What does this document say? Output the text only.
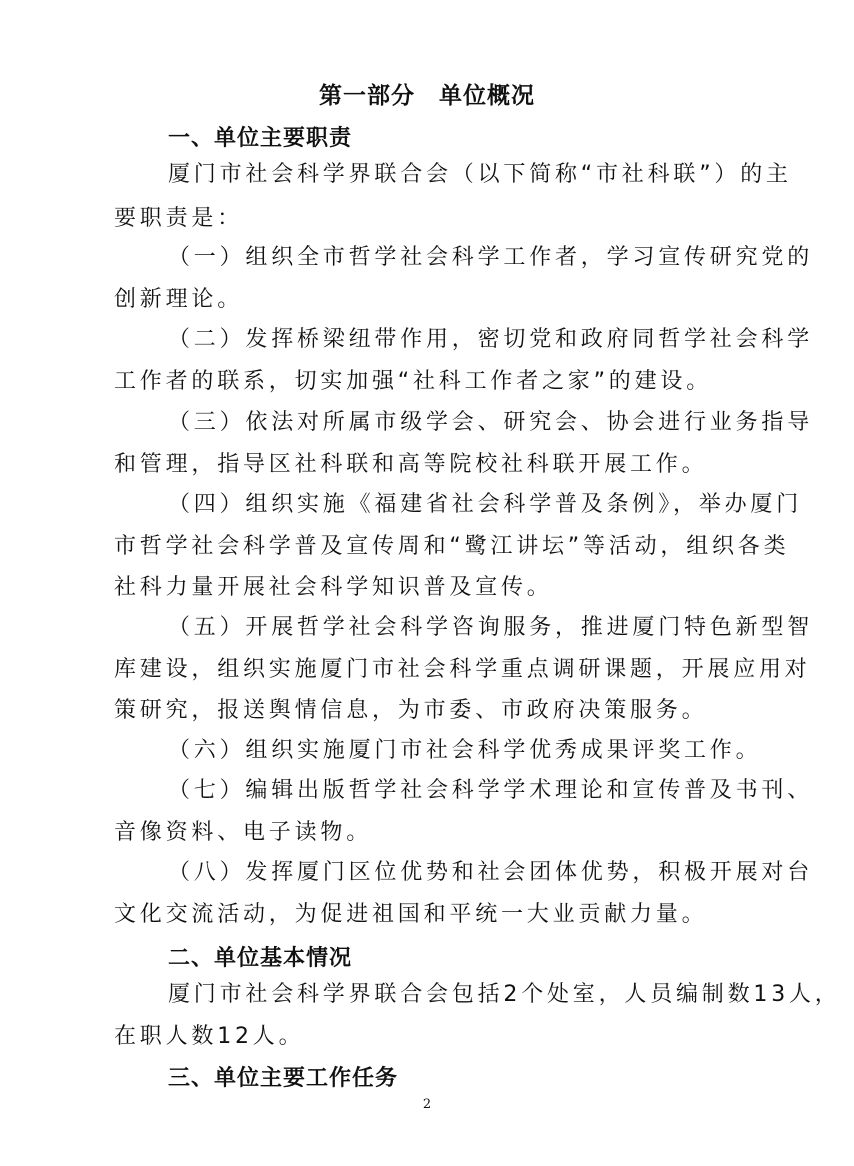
第一部分　单位概况
一、单位主要职责
厦门市社会科学界联合会（以下简称“市社科联”）的主
要职责是：
（一）组织全市哲学社会科学工作者，学习宣传研究党的
创新理论。
（二）发挥桥梁纽带作用，密切党和政府同哲学社会科学
工作者的联系，切实加强“社科工作者之家”的建设。
（三）依法对所属市级学会、研究会、协会进行业务指导
和管理，指导区社科联和高等院校社科联开展工作。
（四）组织实施《福建省社会科学普及条例》，举办厦门
市哲学社会科学普及宣传周和“鹭江讲坛”等活动，组织各类
社科力量开展社会科学知识普及宣传。
（五）开展哲学社会科学咨询服务，推进厦门特色新型智
库建设，组织实施厦门市社会科学重点调研课题，开展应用对
策研究，报送舆情信息，为市委、市政府决策服务。
（六）组织实施厦门市社会科学优秀成果评奖工作。
（七）编辑出版哲学社会科学学术理论和宣传普及书刊、
音像资料、电子读物。
（八）发挥厦门区位优势和社会团体优势，积极开展对台
文化交流活动，为促进祖国和平统一大业贡献力量。
二、单位基本情况
厦门市社会科学界联合会包括2个处室，人员编制数13人，
在职人数12人。
三、单位主要工作任务
2
